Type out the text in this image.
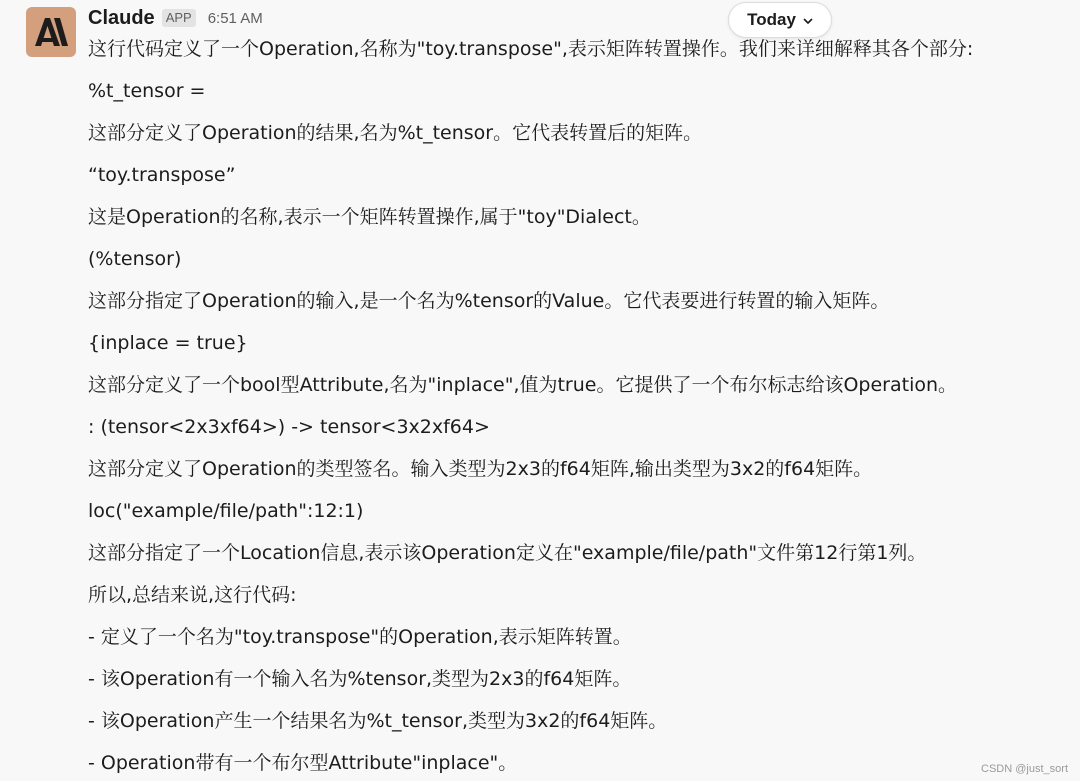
Claude APP 6:51 AM	Today
这行代码定义了一个Operation,名称为"toy.transpose",表示矩阵转置操作。我们来详细解释其各个部分:
%t_tensor =
这部分定义了Operation的结果,名为%t_tensor。它代表转置后的矩阵。
“toy.transpose”
这是Operation的名称,表示一个矩阵转置操作,属于"toy"Dialect。
(%tensor)
这部分指定了Operation的输入,是一个名为%tensor的Value。它代表要进行转置的输入矩阵。
{inplace = true}
这部分定义了一个bool型Attribute,名为"inplace",值为true。它提供了一个布尔标志给该Operation。
: (tensor<2x3xf64>) -> tensor<3x2xf64>
这部分定义了Operation的类型签名。输入类型为2x3的f64矩阵,输出类型为3x2的f64矩阵。
loc("example/file/path":12:1)
这部分指定了一个Location信息,表示该Operation定义在"example/file/path"文件第12行第1列。
所以,总结来说,这行代码:
- 定义了一个名为"toy.transpose"的Operation,表示矩阵转置。
- 该Operation有一个输入名为%tensor,类型为2x3的f64矩阵。
- 该Operation产生一个结果名为%t_tensor,类型为3x2的f64矩阵。
- Operation带有一个布尔型Attribute"inplace"。	CSDN @just_sort
